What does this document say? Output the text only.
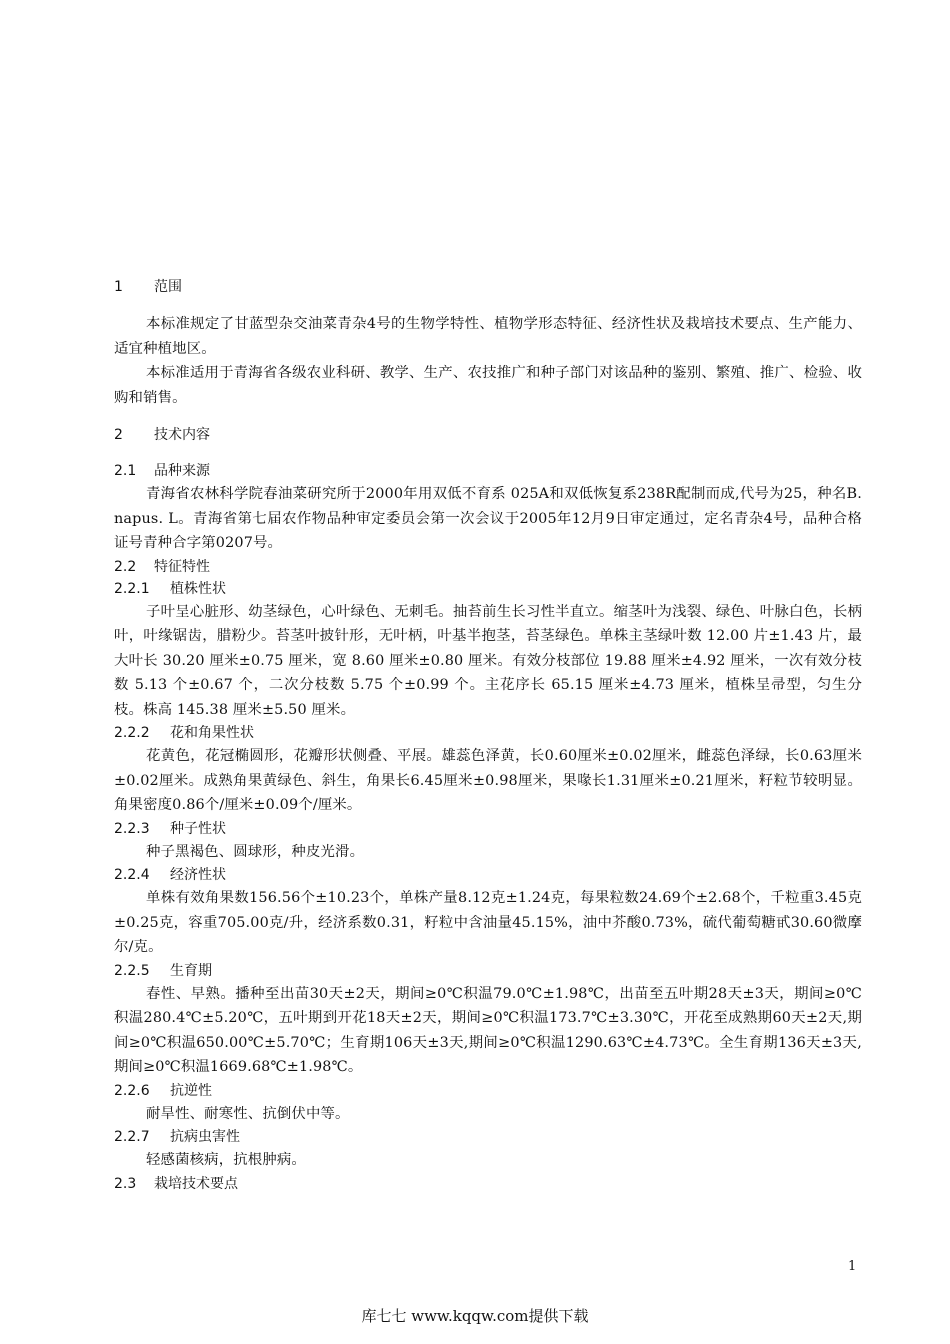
1 范围

本标准规定了甘蓝型杂交油菜青杂4号的生物学特性、植物学形态特征、经济性状及栽培技术要点、生产能力、适宜种植地区。

本标准适用于青海省各级农业科研、教学、生产、农技推广和种子部门对该品种的鉴别、繁殖、推广、检验、收购和销售。

2 技术内容
2.1 品种来源

青海省农林科学院春油菜研究所于2000年用双低不育系 025A和双低恢复系238R配制而成,代号为25，种名B. napus. L。青海省第七届农作物品种审定委员会第一次会议于2005年12月9日审定通过，定名青杂4号，品种合格证号青种合字第0207号。

2.2 特征特性
2.2.1 植株性状

子叶呈心脏形、幼茎绿色，心叶绿色、无刺毛。抽苔前生长习性半直立。缩茎叶为浅裂、绿色、叶脉白色，长柄叶，叶缘锯齿，腊粉少。苔茎叶披针形，无叶柄，叶基半抱茎，苔茎绿色。单株主茎绿叶数 12.00 片±1.43 片，最大叶长 30.20 厘米±0.75 厘米，宽 8.60 厘米±0.80 厘米。有效分枝部位 19.88 厘米±4.92 厘米，一次有效分枝数 5.13 个±0.67 个，二次分枝数 5.75 个±0.99 个。主花序长 65.15 厘米±4.73 厘米，植株呈帚型，匀生分枝。株高 145.38 厘米±5.50 厘米。

2.2.2 花和角果性状

花黄色，花冠椭圆形，花瓣形状侧叠、平展。雄蕊色泽黄，长0.60厘米±0.02厘米，雌蕊色泽绿，长0.63厘米±0.02厘米。成熟角果黄绿色、斜生，角果长6.45厘米±0.98厘米，果喙长1.31厘米±0.21厘米，籽粒节较明显。角果密度0.86个/厘米±0.09个/厘米。

2.2.3 种子性状

种子黑褐色、圆球形，种皮光滑。

2.2.4 经济性状

单株有效角果数156.56个±10.23个，单株产量8.12克±1.24克，每果粒数24.69个±2.68个，千粒重3.45克±0.25克，容重705.00克/升，经济系数0.31，籽粒中含油量45.15%，油中芥酸0.73%，硫代葡萄糖甙30.60微摩尔/克。

2.2.5 生育期

春性、早熟。播种至出苗30天±2天，期间≥0℃积温79.0℃±1.98℃，出苗至五叶期28天±3天，期间≥0℃积温280.4℃±5.20℃，五叶期到开花18天±2天，期间≥0℃积温173.7℃±3.30℃，开花至成熟期60天±2天,期间≥0℃积温650.00℃±5.70℃；生育期106天±3天,期间≥0℃积温1290.63℃±4.73℃。全生育期136天±3天,期间≥0℃积温1669.68℃±1.98℃。

2.2.6 抗逆性

耐旱性、耐寒性、抗倒伏中等。

2.2.7 抗病虫害性

轻感菌核病，抗根肿病。

2.3 栽培技术要点
1
库七七 www.kqqw.com提供下载
